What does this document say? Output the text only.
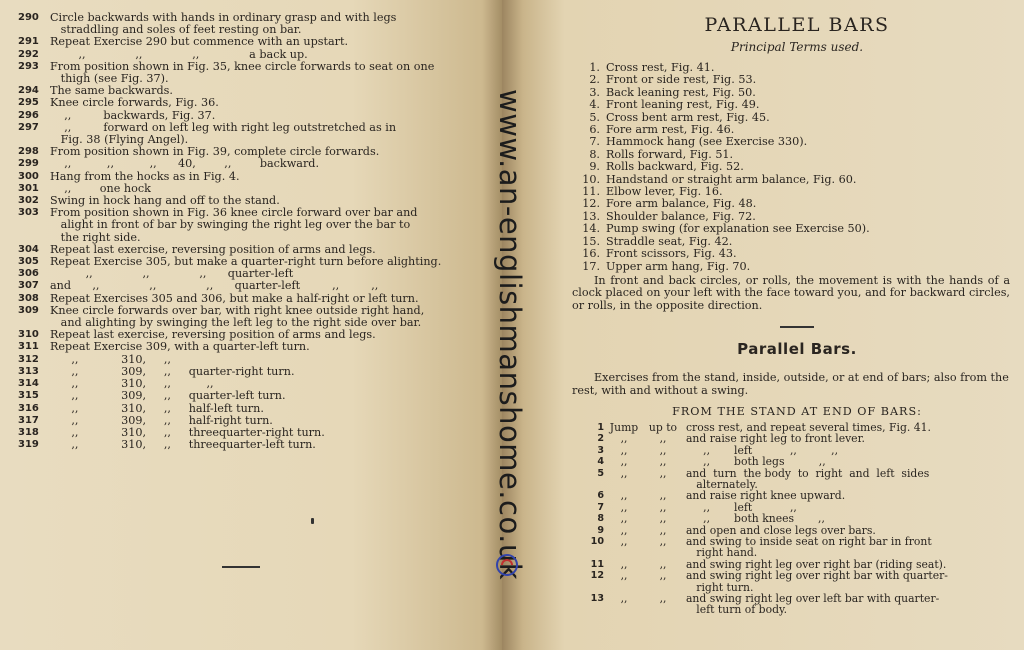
290 Circle backwards with hands in ordinary grasp and with legs
straddling and soles of feet resting on bar.
291 Repeat Exercise 290 but commence with an upstart.
292 ,,              ,,              ,,              a back up.
293 From position shown in Fig. 35, knee circle forwards to seat on one
thigh (see Fig. 37).
294 The same backwards.
295 Knee circle forwards, Fig. 36.
296 ,,         backwards, Fig. 37.
297	,,         forward on left leg with right leg outstretched as in
Fig. 38 (Flying Angel).
298 From position shown in Fig. 39, complete circle forwards.
299 ,,          ,,          ,,      40,        ,,        backward.
300 Hang from the hocks as in Fig. 4.
301 ,,        one hock
302 Swing in hock hang and off to the stand.
303 From position shown in Fig. 36 knee circle forward over bar and
alight in front of bar by swinging the right leg over the bar to
the right side.
304 Repeat last exercise, reversing position of arms and legs.
305 Repeat Exercise 305, but make a quarter-right turn before alighting.
306 ,,              ,,              ,,      quarter-left
307 and      ,,              ,,              ,,      quarter-left         ,,         ,,
308 Repeat Exercises 305 and 306, but make a half-right or left turn.
309 Knee circle forwards over bar, with right knee outside right hand,
and alighting by swinging the left leg to the right side over bar.
310 Repeat last exercise, reversing position of arms and legs.
311 Repeat Exercise 309, with a quarter-left turn.
312 ,,            310,     ,,
313 ,,            309,     ,,     quarter-right turn.
314 ,,            310,     ,,          ,,
315 ,,            309,     ,,     quarter-left turn.
316 ,,            310,     ,,     half-left turn.
317 ,,            309,     ,,     half-right turn.
318 ,,            310,     ,,     threequarter-right turn.
319 ,,            310,     ,,     threequarter-left turn.
PARALLEL BARS
Principal Terms used.
1. Cross rest, Fig. 41.
2. Front or side rest, Fig. 53.
3. Back leaning rest, Fig. 50.
4. Front leaning rest, Fig. 49.
5. Cross bent arm rest, Fig. 45.
6. Fore arm rest, Fig. 46.
7. Hammock hang (see Exercise 330).
8. Rolls forward, Fig. 51.
9. Rolls backward, Fig. 52.
10. Handstand or straight arm balance, Fig. 60.
11. Elbow lever, Fig. 16.
12. Fore arm balance, Fig. 48.
13. Shoulder balance, Fig. 72.
14. Pump swing (for explanation see Exercise 50).
15. Straddle seat, Fig. 42.
16. Front scissors, Fig. 43.
17. Upper arm hang, Fig. 70.
In front and back circles, or rolls, the movement is with the hands of a clock placed on your left with the face toward you, and for backward circles, or rolls, in the opposite direction.
Parallel Bars.
Exercises from the stand, inside, outside, or at end of bars; also from the rest, with and without a swing.
FROM THE STAND AT END OF BARS:
1 Jump up to cross rest, and repeat several times, Fig. 41.
2	,,	,,	and raise right leg to front lever.
3	,,	,,	,,       left           ,,          ,,
4	,,	,,	,,       both legs          ,,
5	,,	,,	and  turn  the body  to  right  and  left  sides
alternately.
6	,,	,,	and raise right knee upward.
7	,,	,,	,,       left           ,,
8	,,	,,	,,       both knees       ,,
9	,,	,,	and open and close legs over bars.
10	,,	,,	and swing to inside seat on right bar in front
right hand.
11	,,	,,	and swing right leg over right bar (riding seat).
12	,,	,,	and swing right leg over right bar with quarter-
right turn.
13	,,	,,	and swing right leg over left bar with quarter-
left turn of body.
www.an-englishmanshome.co.uk
